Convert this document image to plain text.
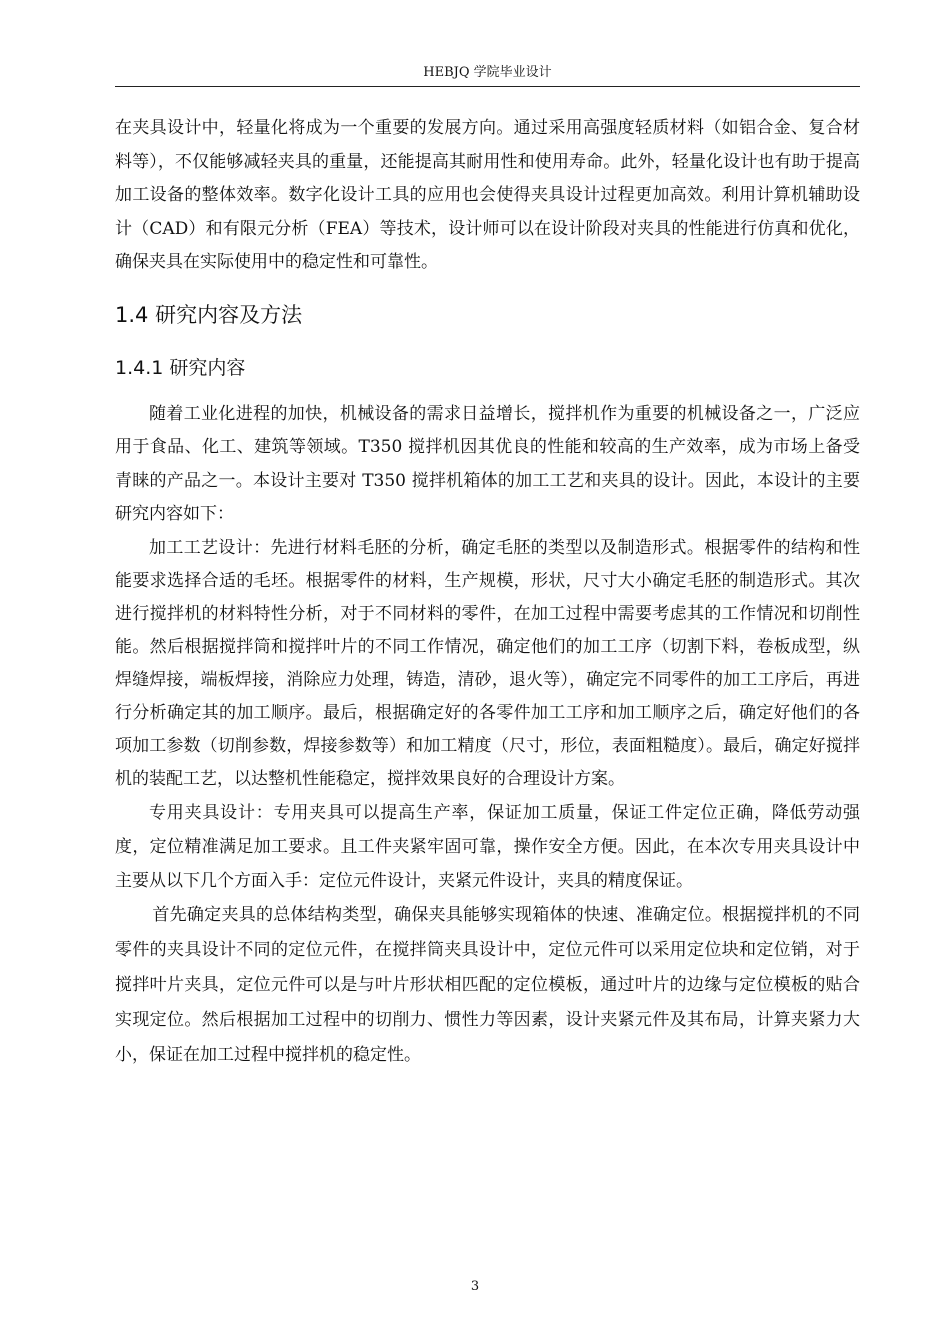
HEBJQ 学院毕业设计

在夹具设计中，轻量化将成为一个重要的发展方向。通过采用高强度轻质材料（如铝合金、复合材料等），不仅能够减轻夹具的重量，还能提高其耐用性和使用寿命。此外，轻量化设计也有助于提高加工设备的整体效率。数字化设计工具的应用也会使得夹具设计过程更加高效。利用计算机辅助设计（CAD）和有限元分析（FEA）等技术，设计师可以在设计阶段对夹具的性能进行仿真和优化，确保夹具在实际使用中的稳定性和可靠性。

1.4 研究内容及方法
1.4.1 研究内容

随着工业化进程的加快，机械设备的需求日益增长，搅拌机作为重要的机械设备之一，广泛应用于食品、化工、建筑等领域。T350 搅拌机因其优良的性能和较高的生产效率，成为市场上备受青睐的产品之一。本设计主要对 T350 搅拌机箱体的加工工艺和夹具的设计。因此，本设计的主要研究内容如下：

加工工艺设计：先进行材料毛胚的分析，确定毛胚的类型以及制造形式。根据零件的结构和性能要求选择合适的毛坯。根据零件的材料，生产规模，形状，尺寸大小确定毛胚的制造形式。其次进行搅拌机的材料特性分析，对于不同材料的零件，在加工过程中需要考虑其的工作情况和切削性能。然后根据搅拌筒和搅拌叶片的不同工作情况，确定他们的加工工序（切割下料，卷板成型，纵焊缝焊接，端板焊接，消除应力处理，铸造，清砂，退火等），确定完不同零件的加工工序后，再进行分析确定其的加工顺序。最后，根据确定好的各零件加工工序和加工顺序之后，确定好他们的各项加工参数（切削参数，焊接参数等）和加工精度（尺寸，形位，表面粗糙度）。最后，确定好搅拌机的装配工艺，以达整机性能稳定，搅拌效果良好的合理设计方案。

专用夹具设计：专用夹具可以提高生产率，保证加工质量，保证工件定位正确，降低劳动强度，定位精准满足加工要求。且工件夹紧牢固可靠，操作安全方便。因此，在本次专用夹具设计中主要从以下几个方面入手：定位元件设计，夹紧元件设计，夹具的精度保证。

首先确定夹具的总体结构类型，确保夹具能够实现箱体的快速、准确定位。根据搅拌机的不同零件的夹具设计不同的定位元件，在搅拌筒夹具设计中，定位元件可以采用定位块和定位销，对于搅拌叶片夹具，定位元件可以是与叶片形状相匹配的定位模板，通过叶片的边缘与定位模板的贴合实现定位。然后根据加工过程中的切削力、惯性力等因素，设计夹紧元件及其布局，计算夹紧力大小，保证在加工过程中搅拌机的稳定性。

3
